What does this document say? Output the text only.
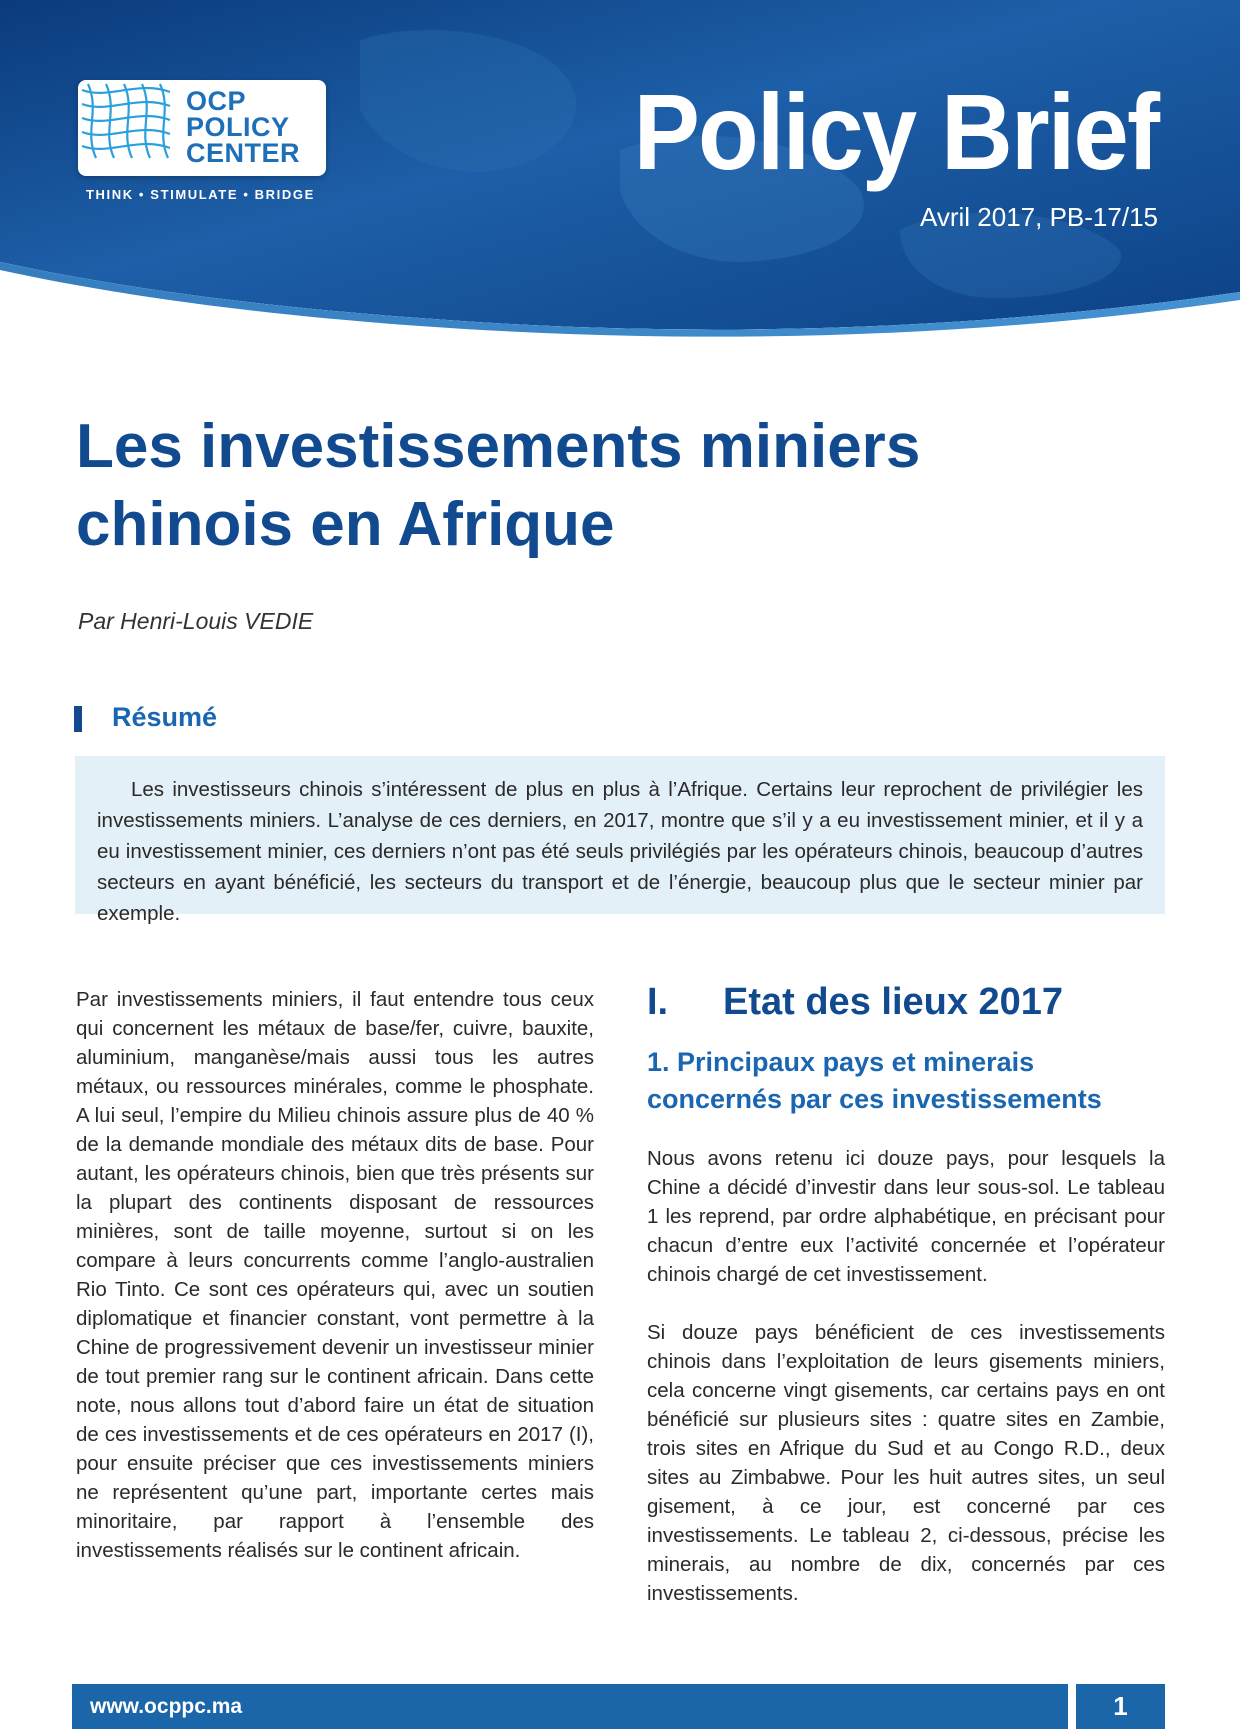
OCP
POLICY
CENTER
THINK • STIMULATE • BRIDGE
Policy Brief
Avril 2017, PB-17/15
Les investissements miniers
chinois en Afrique
Par Henri-Louis VEDIE
Résumé

Les investisseurs chinois s’intéressent de plus en plus à l’Afrique. Certains leur reprochent de privilégier les investissements miniers. L’analyse de ces derniers, en 2017, montre que s’il y a eu investissement minier, et il y a eu investissement minier, ces derniers n’ont pas été seuls privilégiés par les opérateurs chinois, beaucoup d’autres secteurs en ayant bénéficié, les secteurs du transport et de l’énergie, beaucoup plus que le secteur minier par exemple.

Par investissements miniers, il faut entendre tous ceux qui concernent les métaux de base/fer, cuivre, bauxite, aluminium, manganèse/mais aussi tous les autres métaux, ou ressources minérales, comme le phosphate. A lui seul, l’empire du Milieu chinois assure plus de 40 % de la demande mondiale des métaux dits de base. Pour autant, les opérateurs chinois, bien que très présents sur la plupart des continents disposant de ressources minières, sont de taille moyenne, surtout si on les compare à leurs concurrents comme l’anglo-australien Rio Tinto. Ce sont ces opérateurs qui, avec un soutien diplomatique et financier constant, vont permettre à la Chine de progressivement devenir un investisseur minier de tout premier rang sur le continent africain. Dans cette note, nous allons tout d’abord faire un état de situation de ces investissements et de ces opérateurs en 2017 (I), pour ensuite préciser que ces investissements miniers ne représentent qu’une part, importante certes mais minoritaire, par rapport à l’ensemble des investissements réalisés sur le continent africain.

I.	Etat des lieux 2017
1. Principaux pays et minerais
concernés par ces investissements

Nous avons retenu ici douze pays, pour lesquels la Chine a décidé d’investir dans leur sous-sol. Le tableau 1 les reprend, par ordre alphabétique, en précisant pour chacun d’entre eux l’activité concernée et l’opérateur chinois chargé de cet investissement.

Si douze pays bénéficient de ces investissements chinois dans l’exploitation de leurs gisements miniers, cela concerne vingt gisements, car certains pays en ont bénéficié sur plusieurs sites : quatre sites en Zambie, trois sites en Afrique du Sud et au Congo R.D., deux sites au Zimbabwe. Pour les huit autres sites, un seul gisement, à ce jour, est concerné par ces investissements. Le tableau 2, ci-dessous, précise les minerais, au nombre de dix, concernés par ces investissements.

www.ocppc.ma	1
